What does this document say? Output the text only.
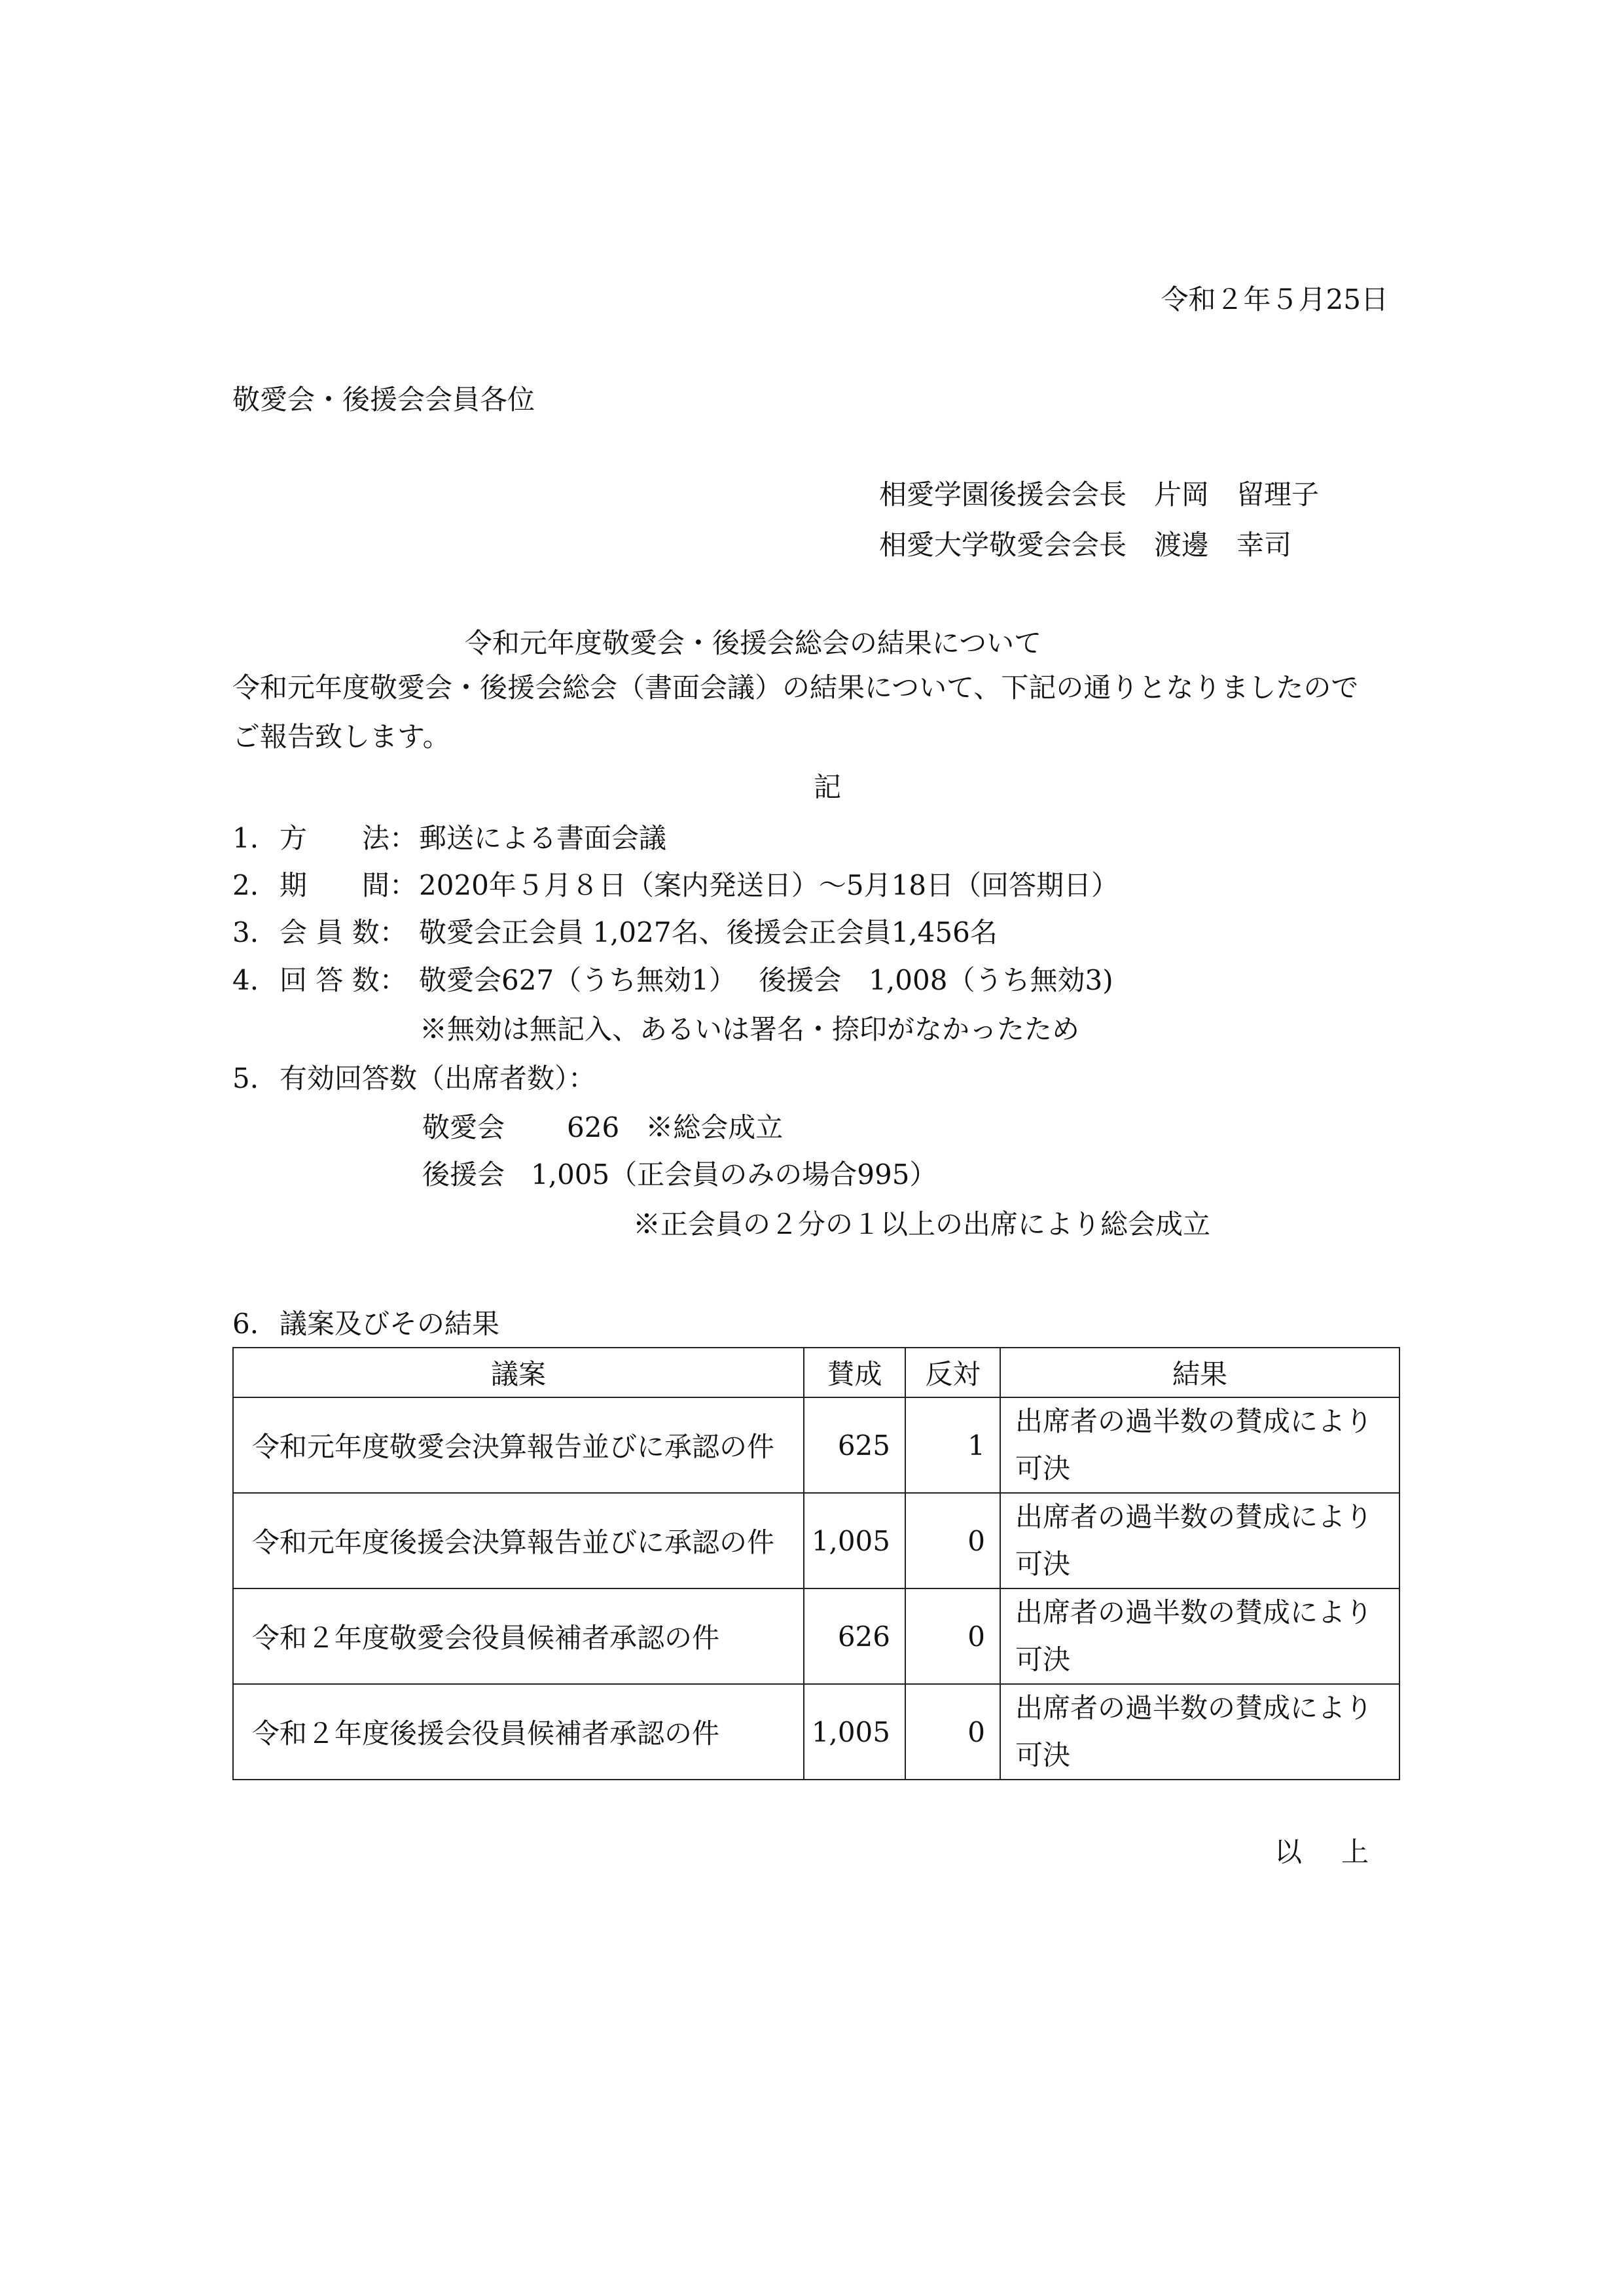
令和２年５月25日
敬愛会・後援会会員各位
相愛学園後援会会長 片岡　留理子
相愛大学敬愛会会長 渡邊　幸司
令和元年度敬愛会・後援会総会の結果について
令和元年度敬愛会・後援会総会（書面会議）の結果について、下記の通りとなりましたので
ご報告致します。
記
1. 方　　法：郵送による書面会議
2. 期　　間：2020年５月８日（案内発送日）〜5月18日（回答期日）
3. 会 員 数： 敬愛会正会員 1,027名、後援会正会員1,456名
4. 回 答 数： 敬愛会627（うち無効1）　 後援会　1,008（うち無効3)
※無効は無記入、あるいは署名・捺印がなかったため
5. 有効回答数（出席者数）：
敬愛会 626 ※総会成立
後援会 1,005（正会員のみの場合995）
※正会員の２分の１以上の出席により総会成立
6. 議案及びその結果
議案	賛成	反対	結果
令和元年度敬愛会決算報告並びに承認の件	625	1	出席者の過半数の賛成により
可決
令和元年度後援会決算報告並びに承認の件	1,005	0	出席者の過半数の賛成により
可決
令和２年度敬愛会役員候補者承認の件	626	0	出席者の過半数の賛成により
可決
令和２年度後援会役員候補者承認の件	1,005	0	出席者の過半数の賛成により
可決
以 上
